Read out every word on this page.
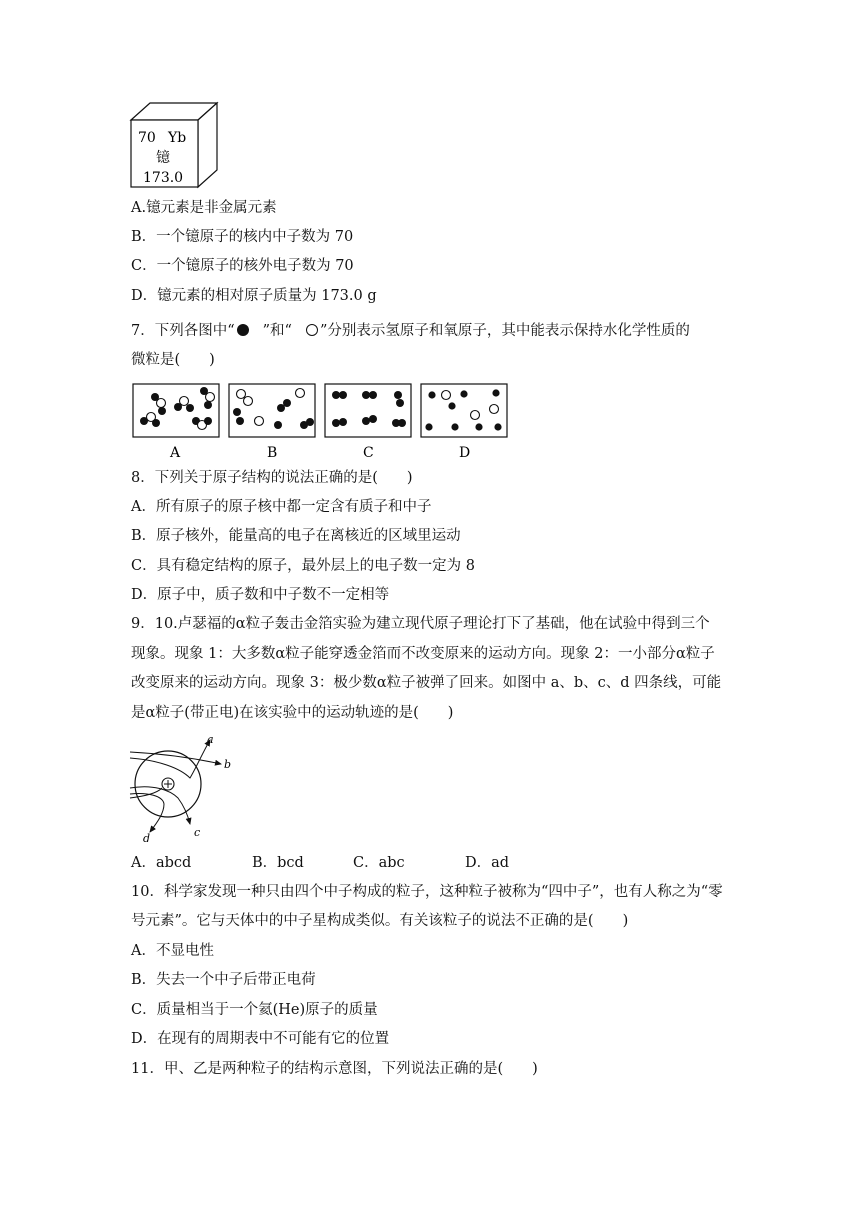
70 Yb
镱
173.0
A.镱元素是非金属元素
B．一个镱原子的核内中子数为 70
C．一个镱原子的核外电子数为 70
D．镱元素的相对原子质量为 173.0 g
7．下列各图中“ ”和“ ”分别表示氢原子和氧原子，其中能表示保持水化学性质的
微粒是(　　)
A	B	C	D
8．下列关于原子结构的说法正确的是(　　)
A．所有原子的原子核中都一定含有质子和中子
B．原子核外，能量高的电子在离核近的区域里运动
C．具有稳定结构的原子，最外层上的电子数一定为 8
D．原子中，质子数和中子数不一定相等
9．10.卢瑟福的α粒子轰击金箔实验为建立现代原子理论打下了基础，他在试验中得到三个
现象。现象 1：大多数α粒子能穿透金箔而不改变原来的运动方向。现象 2：一小部分α粒子
改变原来的运动方向。现象 3：极少数α粒子被弹了回来。如图中 a、b、c、d 四条线，可能
是α粒子(带正电)在该实验中的运动轨迹的是(　　)
a
b
c
d
A．abcd	B．bcd	C．abc	D．ad
10．科学家发现一种只由四个中子构成的粒子，这种粒子被称为“四中子”，也有人称之为“零
号元素”。它与天体中的中子星构成类似。有关该粒子的说法不正确的是(　　)
A．不显电性
B．失去一个中子后带正电荷
C．质量相当于一个氦(He)原子的质量
D．在现有的周期表中不可能有它的位置
11．甲、乙是两种粒子的结构示意图，下列说法正确的是(　　)
